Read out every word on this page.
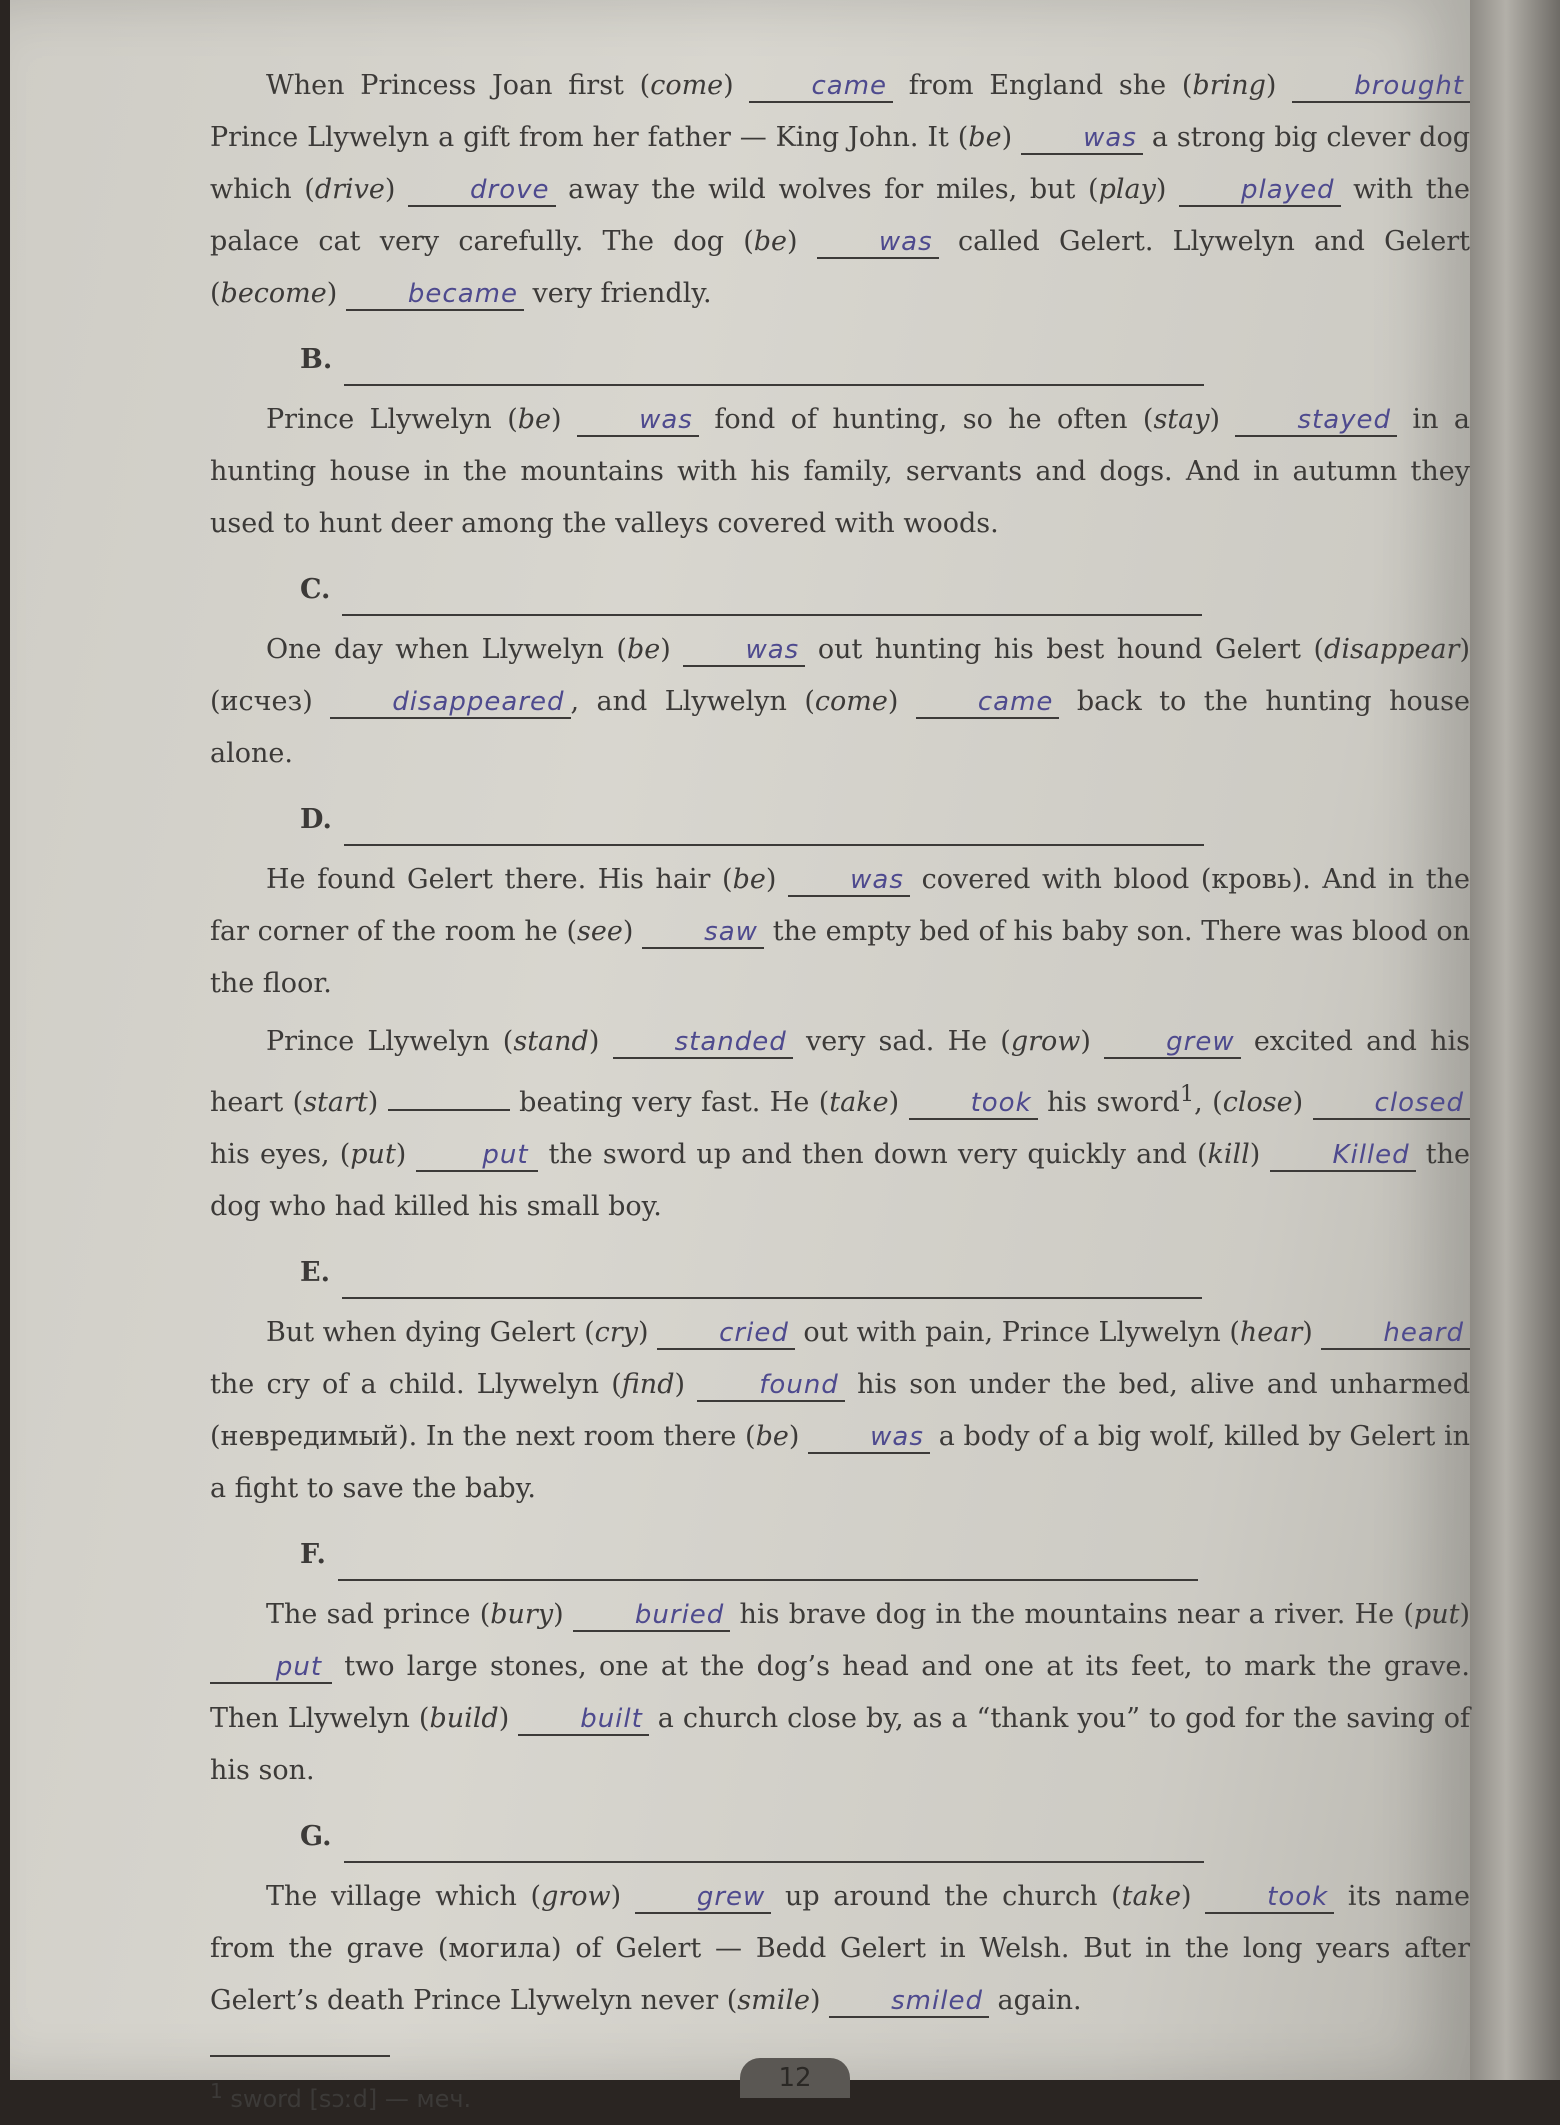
When Princess Joan first (come) came from England she (bring) brought Prince Llywelyn a gift from her father — King John. It (be) was a strong big clever dog which (drive) drove away the wild wolves for miles, but (play) played with the palace cat very carefully. The dog (be) was called Gelert. Llywelyn and Gelert (become) became very friendly.

B.

Prince Llywelyn (be) was fond of hunting, so he often (stay) stayed in a hunting house in the mountains with his family, servants and dogs. And in autumn they used to hunt deer among the valleys covered with woods.

C.

One day when Llywelyn (be) was out hunting his best hound Gelert (disappear) (исчез) disappeared , and Llywelyn (come) came back to the hunting house alone.

D.

He found Gelert there. His hair (be) was covered with blood (кровь). And in the far corner of the room he (see) saw the empty bed of his baby son. There was blood on the floor.

Prince Llywelyn (stand) standed very sad. He (grow) grew excited and his heart (start)	beating very fast. He (take) took his sword$^1$, (close) closed his eyes, (put)	put the sword up and then down very quickly and (kill) Killed the dog who had killed his small boy.

E.

But when dying Gelert (cry) cried out with pain, Prince Llywelyn (hear) heard the cry of a child. Llywelyn (find) found his son under the bed, alive and unharmed (невредимый). In the next room there (be) was a body of a big wolf, killed by Gelert in a fight to save the baby.

F.

The sad prince (bury) buried his brave dog in the mountains near a river. He (put) put two large stones, one at the dog’s head and one at its feet, to mark the grave. Then Llywelyn (build) built a church close by, as a “thank you” to god for the saving of his son.

G.

The village which (grow) grew up around the church (take) took its name from the grave (могила) of Gelert — Bedd Gelert in Welsh. But in the long years after Gelert’s death Prince Llywelyn never (smile) smiled again.

$^1$ sword [sɔːd] — меч.
12
